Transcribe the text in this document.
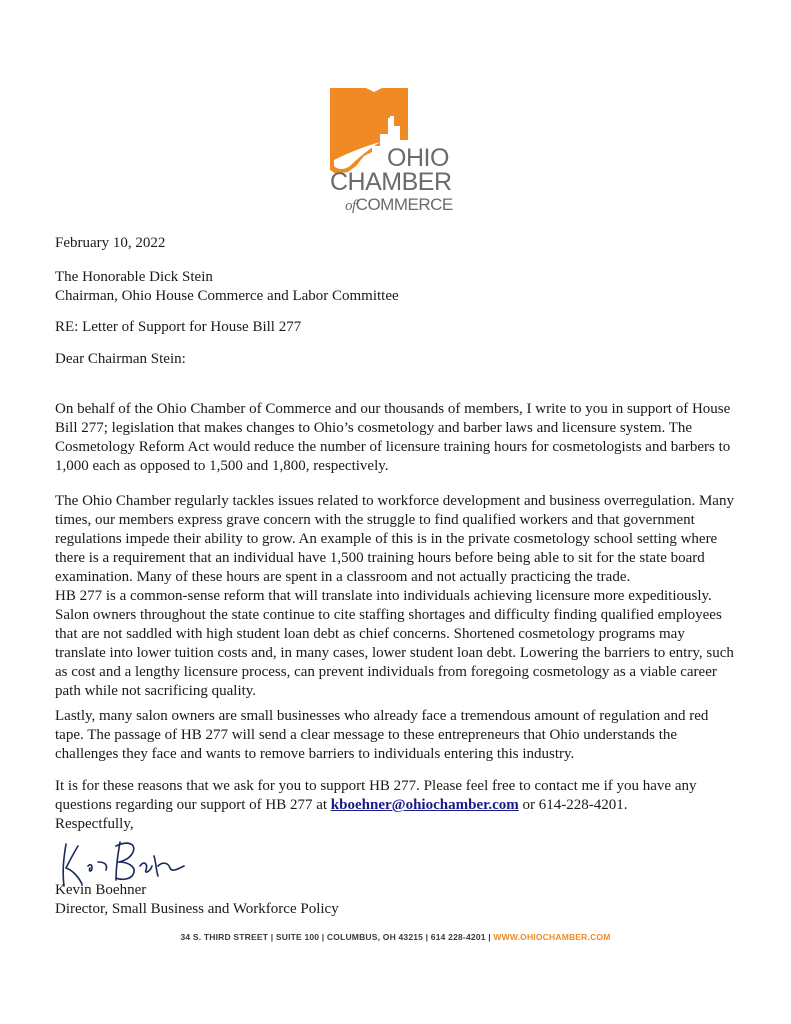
OHIO
CHAMBER
ofCOMMERCE
February 10, 2022

The Honorable Dick Stein

Chairman, Ohio House Commerce and Labor Committee

RE: Letter of Support for House Bill 277
Dear Chairman Stein:

On behalf of the Ohio Chamber of Commerce and our thousands of members, I write to you in support of House Bill 277; legislation that makes changes to Ohio’s cosmetology and barber laws and licensure system. The Cosmetology Reform Act would reduce the number of licensure training hours for cosmetologists and barbers to 1,000 each as opposed to 1,500 and 1,800, respectively.

The Ohio Chamber regularly tackles issues related to workforce development and business overregulation. Many times, our members express grave concern with the struggle to find qualified workers and that government regulations impede their ability to grow. An example of this is in the private cosmetology school setting where there is a requirement that an individual have 1,500 training hours before being able to sit for the state board examination. Many of these hours are spent in a classroom and not actually practicing the trade.

HB 277 is a common-sense reform that will translate into individuals achieving licensure more expeditiously. Salon owners throughout the state continue to cite staffing shortages and difficulty finding qualified employees that are not saddled with high student loan debt as chief concerns. Shortened cosmetology programs may translate into lower tuition costs and, in many cases, lower student loan debt. Lowering the barriers to entry, such as cost and a lengthy licensure process, can prevent individuals from foregoing cosmetology as a viable career path while not sacrificing quality.

Lastly, many salon owners are small businesses who already face a tremendous amount of regulation and red tape. The passage of HB 277 will send a clear message to these entrepreneurs that Ohio understands the challenges they face and wants to remove barriers to individuals entering this industry.

It is for these reasons that we ask for you to support HB 277. Please feel free to contact me if you have any questions regarding our support of HB 277 at kboehner@ohiochamber.com or 614-228-4201.

Respectfully,
Kevin Boehner
Director, Small Business and Workforce Policy
34 S. THIRD STREET | SUITE 100 | COLUMBUS, OH 43215 | 614 228-4201 | WWW.OHIOCHAMBER.COM
